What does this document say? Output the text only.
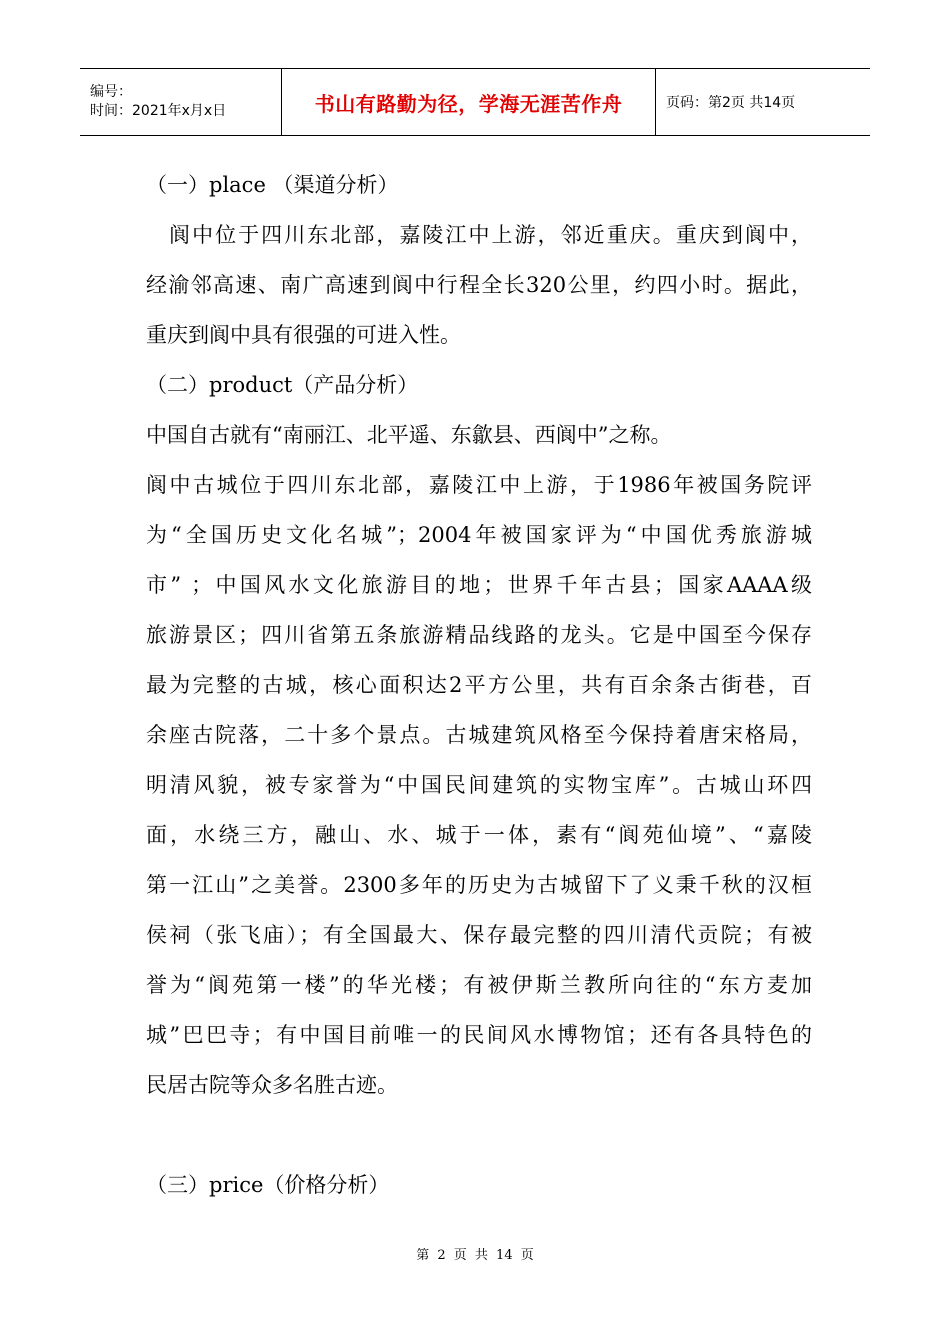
编号：
时间：2021年x月x日	书山有路勤为径，学海无涯苦作舟	页码：第2页 共14页
（一）place （渠道分析）
　阆中位于四川东北部，嘉陵江中上游，邻近重庆。重庆到阆中，
经渝邻高速、南广高速到阆中行程全长320公里，约四小时。据此，
重庆到阆中具有很强的可进入性。
（二）product（产品分析）
中国自古就有“南丽江、北平遥、东歙县、西阆中”之称。
阆中古城位于四川东北部，嘉陵江中上游，于1986年被国务院评
为“全国历史文化名城”；2004年被国家评为“中国优秀旅游城
市” ；中国风水文化旅游目的地；世界千年古县；国家AAAA级
旅游景区；四川省第五条旅游精品线路的龙头。它是中国至今保存
最为完整的古城，核心面积达2平方公里，共有百余条古街巷，百
余座古院落，二十多个景点。古城建筑风格至今保持着唐宋格局，
明清风貌，被专家誉为“中国民间建筑的实物宝库”。古城山环四
面，水绕三方，融山、水、城于一体，素有“阆苑仙境”、“嘉陵
第一江山”之美誉。2300多年的历史为古城留下了义秉千秋的汉桓
侯祠（张飞庙）；有全国最大、保存最完整的四川清代贡院；有被
誉为“阆苑第一楼”的华光楼；有被伊斯兰教所向往的“东方麦加
城”巴巴寺；有中国目前唯一的民间风水博物馆；还有各具特色的
民居古院等众多名胜古迹。
（三）price（价格分析）
第 2 页 共 14 页
